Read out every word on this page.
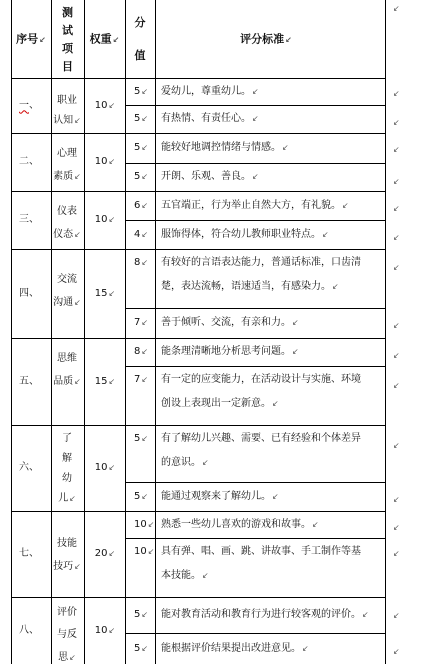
序号↙
测
试
项
目
权重↙
分
值
评分标准↙
一、 职业
认知↙
10↙
5↙ 爱幼儿，尊重幼儿。↙
5↙ 有热情、有责任心。↙
二、
心理
素质↙
10↙
5↙ 能较好地调控情绪与情感。↙
5↙ 开朗、乐观、善良。↙
三、
仪表
仪态↙
10↙
6↙ 五官端正，行为举止自然大方，有礼貌。↙
4↙ 服饰得体，符合幼儿教师职业特点。↙
四、
交流
沟通↙
15↙
8↙ 有较好的言语表达能力，普通话标准，口齿清
楚，表达流畅，语速适当，有感染力。↙
7↙ 善于倾听、交流，有亲和力。↙
五、
思维
品质↙ 15↙
8↙ 能条理清晰地分析思考问题。↙
7↙ 有一定的应变能力，在活动设计与实施、环境
创设上表现出一定新意。↙
六、
了
解
幼
儿↙
10↙
5↙ 有了解幼儿兴趣、需要、已有经验和个体差异
的意识。↙
5↙ 能通过观察来了解幼儿。↙
七、
技能
技巧↙
20↙
10↙ 熟悉一些幼儿喜欢的游戏和故事。↙
10↙ 具有弹、唱、画、跳、讲故事、手工制作等基
本技能。↙
八、
评价
与反
思↙
10↙
5↙ 能对教育活动和教育行为进行较客观的评价。↙
5↙ 能根据评价结果提出改进意见。↙
↙
↙
↙
↙
↙
↙
↙
↙
↙
↙
↙
↙
↙
↙
↙
↙
↙
